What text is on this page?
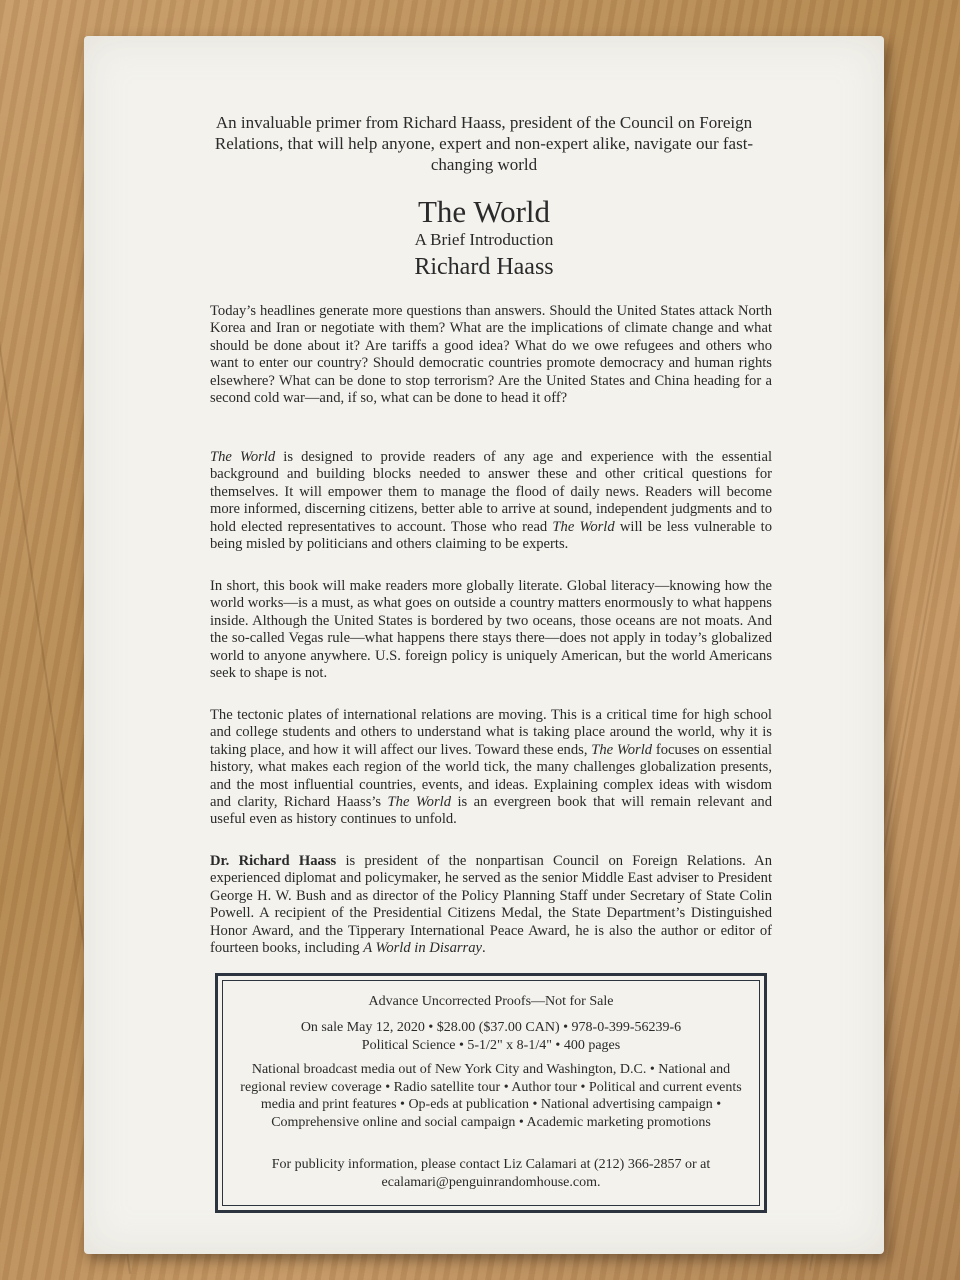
An invaluable primer from Richard Haass, president of the Council on Foreign Relations, that will help anyone, expert and non-expert alike, navigate our fast-changing world
The World
A Brief Introduction
Richard Haass

Today’s headlines generate more questions than answers. Should the United States attack North Korea and Iran or negotiate with them? What are the implications of climate change and what should be done about it? Are tariffs a good idea? What do we owe refugees and others who want to enter our country? Should democratic countries promote democracy and human rights elsewhere? What can be done to stop terrorism? Are the United States and China heading for a second cold war—and, if so, what can be done to head it off?

The World is designed to provide readers of any age and experience with the essential background and building blocks needed to answer these and other critical questions for themselves. It will empower them to manage the flood of daily news. Readers will become more informed, discerning citizens, better able to arrive at sound, independent judgments and to hold elected representatives to account. Those who read The World will be less vulnerable to being misled by politicians and others claiming to be experts.

In short, this book will make readers more globally literate. Global literacy—knowing how the world works—is a must, as what goes on outside a country matters enormously to what happens inside. Although the United States is bordered by two oceans, those oceans are not moats. And the so-called Vegas rule—what happens there stays there—does not apply in today’s globalized world to anyone anywhere. U.S. foreign policy is uniquely American, but the world Americans seek to shape is not.

The tectonic plates of international relations are moving. This is a critical time for high school and college students and others to understand what is taking place around the world, why it is taking place, and how it will affect our lives. Toward these ends, The World focuses on essential history, what makes each region of the world tick, the many challenges globalization presents, and the most influential countries, events, and ideas. Explaining complex ideas with wisdom and clarity, Richard Haass’s The World is an evergreen book that will remain relevant and useful even as history continues to unfold.

Dr. Richard Haass is president of the nonpartisan Council on Foreign Relations. An experienced diplomat and policymaker, he served as the senior Middle East adviser to President George H. W. Bush and as director of the Policy Planning Staff under Secretary of State Colin Powell. A recipient of the Presidential Citizens Medal, the State Department’s Distinguished Honor Award, and the Tipperary International Peace Award, he is also the author or editor of fourteen books, including A World in Disarray.

Advance Uncorrected Proofs—Not for Sale

On sale May 12, 2020 • $28.00 ($37.00 CAN) • 978-0-399-56239-6

Political Science • 5-1/2" x 8-1/4" • 400 pages

National broadcast media out of New York City and Washington, D.C. • National and regional review coverage • Radio satellite tour • Author tour • Political and current events media and print features • Op-eds at publication • National advertising campaign • Comprehensive online and social campaign • Academic marketing promotions

For publicity information, please contact Liz Calamari at (212) 366-2857 or at ecalamari@penguinrandomhouse.com.
